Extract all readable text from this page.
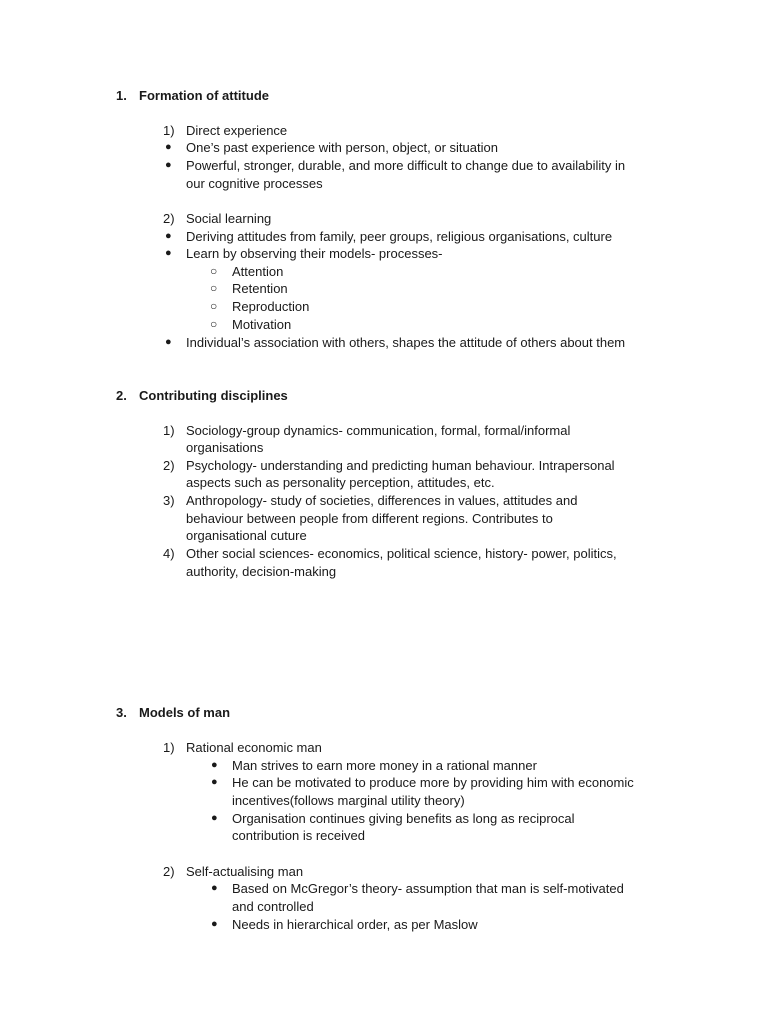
1. Formation of attitude
1) Direct experience
● One’s past experience with person, object, or situation
● Powerful, stronger, durable, and more difficult to change due to availability in
our cognitive processes
2) Social learning
● Deriving attitudes from family, peer groups, religious organisations, culture
● Learn by observing their models- processes-
○ Attention
○ Retention
○ Reproduction
○ Motivation
● Individual’s association with others, shapes the attitude of others about them
2. Contributing disciplines
1) Sociology-group dynamics- communication, formal, formal/informal
organisations
2) Psychology- understanding and predicting human behaviour. Intrapersonal
aspects such as personality perception, attitudes, etc.
3) Anthropology- study of societies, differences in values, attitudes and
behaviour between people from different regions. Contributes to
organisational cuture
4) Other social sciences- economics, political science, history- power, politics,
authority, decision-making
3. Models of man
1) Rational economic man
● Man strives to earn more money in a rational manner
● He can be motivated to produce more by providing him with economic
incentives(follows marginal utility theory)
● Organisation continues giving benefits as long as reciprocal
contribution is received
2) Self-actualising man
● Based on McGregor’s theory- assumption that man is self-motivated
and controlled
● Needs in hierarchical order, as per Maslow
